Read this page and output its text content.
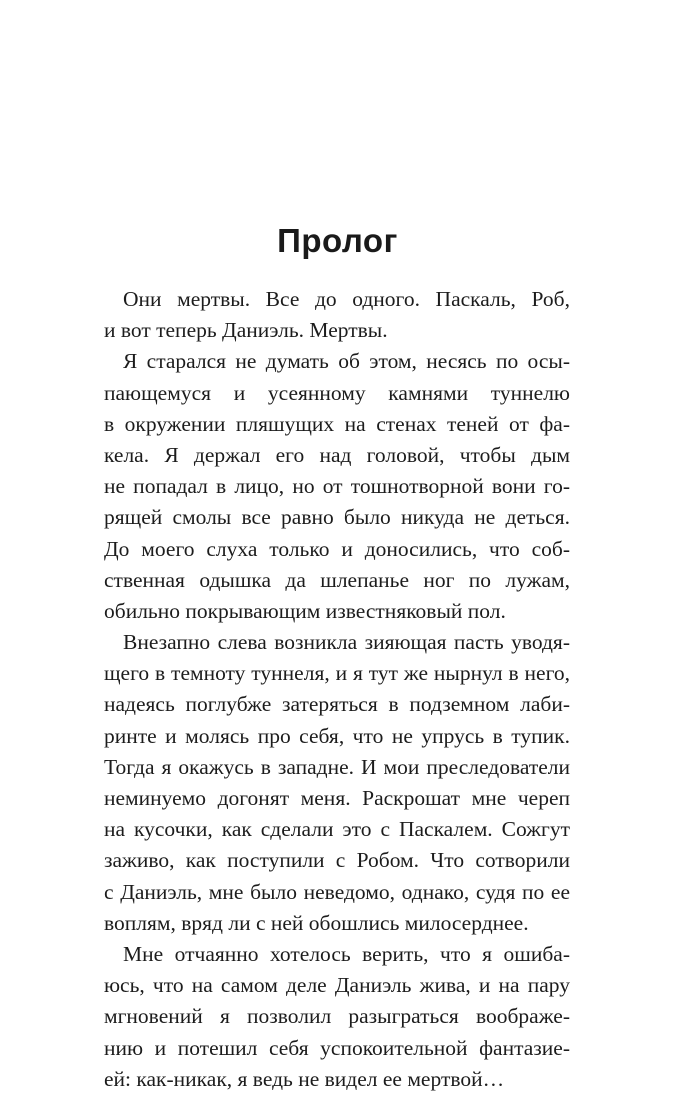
Пролог
Они мертвы. Все до одного. Паскаль, Роб,
и вот теперь Даниэль. Мертвы.
Я старался не думать об этом, несясь по осы-
пающемуся и усеянному камнями туннелю
в окружении пляшущих на стенах теней от фа-
кела. Я держал его над головой, чтобы дым
не попадал в лицо, но от тошнотворной вони го-
рящей смолы все равно было никуда не деться.
До моего слуха только и доносились, что соб-
ственная одышка да шлепанье ног по лужам,
обильно покрывающим известняковый пол.
Внезапно слева возникла зияющая пасть уводя-
щего в темноту туннеля, и я тут же нырнул в него,
надеясь поглубже затеряться в подземном лаби-
ринте и молясь про себя, что не упрусь в тупик.
Тогда я окажусь в западне. И мои преследователи
неминуемо догонят меня. Раскрошат мне череп
на кусочки, как сделали это с Паскалем. Сожгут
заживо, как поступили с Робом. Что сотворили
с Даниэль, мне было неведомо, однако, судя по ее
воплям, вряд ли с ней обошлись милосерднее.
Мне отчаянно хотелось верить, что я ошиба-
юсь, что на самом деле Даниэль жива, и на пару
мгновений я позволил разыграться воображе-
нию и потешил себя успокоительной фантазие-
ей: как-никак, я ведь не видел ее мертвой…
